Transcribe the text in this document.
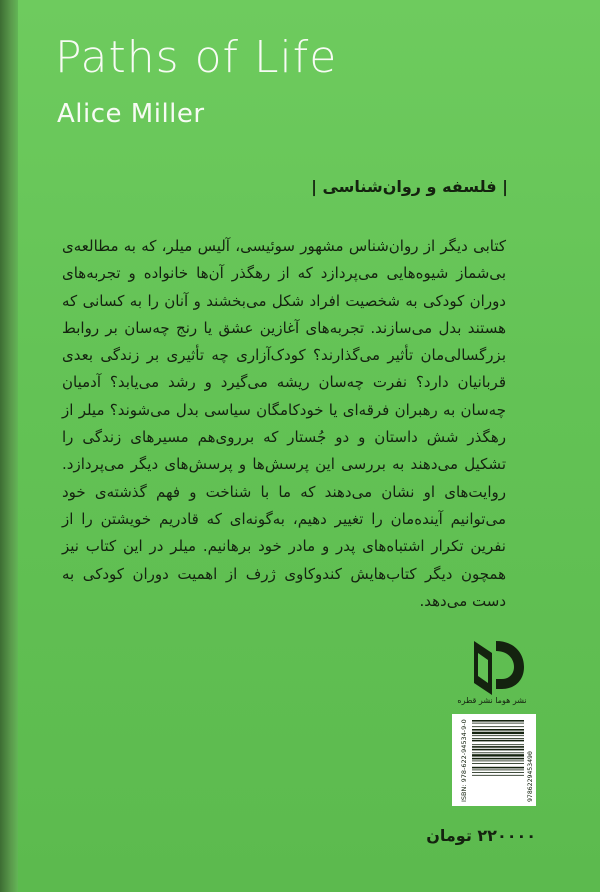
Paths of Life
Alice Miller
| فلسفه و روان‌شناسی |
کتابی دیگر از روان‌شناس مشهور سوئیسی، آلیس میلر، که به مطالعه‌ی بی‌شماز شیوه‌هایی می‌پردازد که از رهگذر آن‌ها خانواده و تجربه‌های دوران کودکی به شخصیت افراد شکل می‌بخشند و آنان را به کسانی که هستند بدل می‌سازند. تجربه‌های آغازین عشق یا رنج چه‌سان بر روابط بزرگسالی‌مان تأثیر می‌گذارند؟ کودک‌آزاری چه تأثیری بر زندگی بعدی قربانیان دارد؟ نفرت چه‌سان ریشه می‌گیرد و رشد می‌یابد؟ آدمیان چه‌سان به رهبران فرقه‌ای یا خودکامگان سیاسی بدل می‌شوند؟ میلر از رهگذر شش داستان و دو جُستار که برروی‌هم مسیرهای زندگی را تشکیل می‌دهند به بررسی این پرسش‌ها و پرسش‌های دیگر می‌پردازد. روایت‌های او نشان می‌دهند که ما با شناخت و فهم گذشته‌ی خود می‌توانیم آینده‌مان را تغییر دهیم، به‌گونه‌ای که قادریم خویشتن را از نفرین تکرار اشتباه‌های پدر و مادر خود برهانیم. میلر در این کتاب نیز همچون دیگر کتاب‌هایش کندوکاوی ژرف از اهمیت دوران کودکی به دست می‌دهد.
نشر هوما نشر قطره
ISBN: 978-622-94534-9-0	9786229453490
۲۲۰۰۰۰ تومان
